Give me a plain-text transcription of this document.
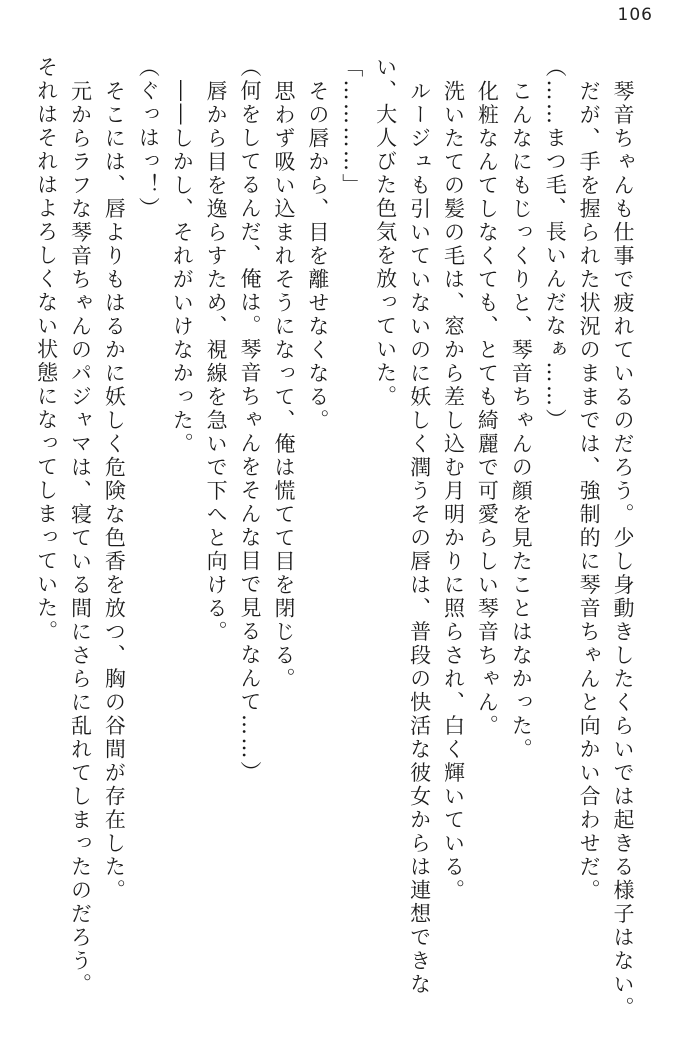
106

琴音ちゃんも仕事で疲れているのだろう。少し身動きしたくらいでは起きる様子はない。

だが、手を握られた状況のままでは、強制的に琴音ちゃんと向かい合わせだ。

（……まつ毛、長いんだなぁ……）

こんなにもじっくりと、琴音ちゃんの顔を見たことはなかった。

化粧なんてしなくても、とても綺麗で可愛らしい琴音ちゃん。

洗いたての髪の毛は、窓から差し込む月明かりに照らされ、白く輝いている。

ルージュも引いていないのに妖しく潤うその唇は、普段の快活な彼女からは連想できな

い、大人びた色気を放っていた。

「…………」

その唇から、目を離せなくなる。

思わず吸い込まれそうになって、俺は慌てて目を閉じる。

（何をしてるんだ、俺は。琴音ちゃんをそんな目で見るなんて……）

唇から目を逸らすため、視線を急いで下へと向ける。

――しかし、それがいけなかった。

（ぐっはっ！）

そこには、唇よりもはるかに妖しく危険な色香を放つ、胸の谷間が存在した。

元からラフな琴音ちゃんのパジャマは、寝ている間にさらに乱れてしまったのだろう。

それはそれはよろしくない状態になってしまっていた。
